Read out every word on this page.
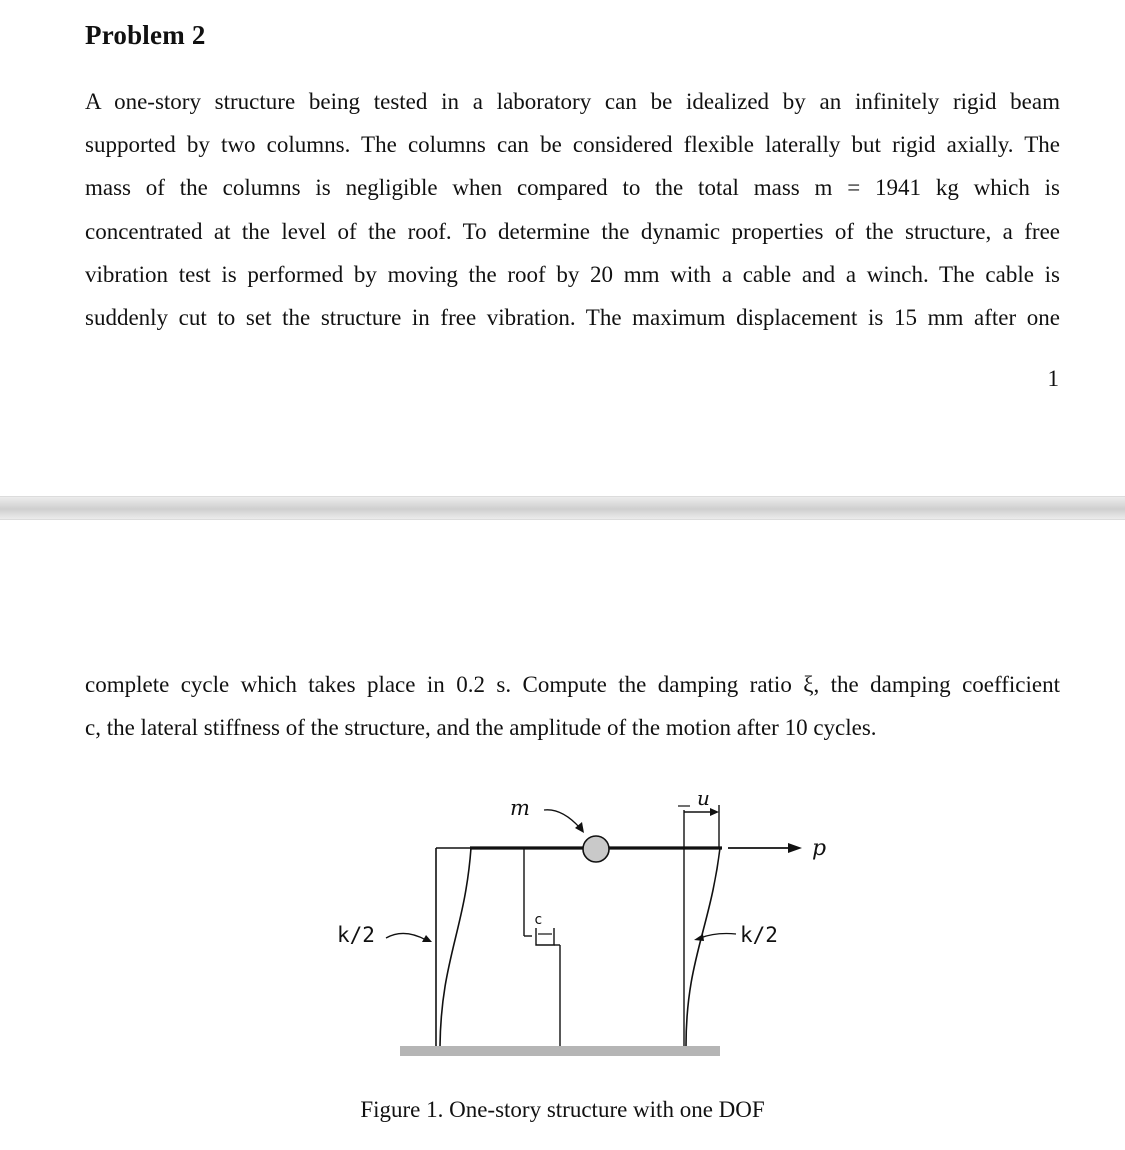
Problem 2

A one-story structure being tested in a laboratory can be idealized by an infinitely rigid beam
supported by two columns. The columns can be considered flexible laterally but rigid axially. The
mass of the columns is negligible when compared to the total mass m = 1941 kg which is
concentrated at the level of the roof. To determine the dynamic properties of the structure, a free
vibration test is performed by moving the roof by 20 mm with a cable and a winch. The cable is
suddenly cut to set the structure in free vibration. The maximum displacement is 15 mm after one

1

complete cycle which takes place in 0.2 s. Compute the damping ratio ξ, the damping coefficient
c, the lateral stiffness of the structure, and the amplitude of the motion after 10 cycles.

u
c
m
p
k/2	k/2

Figure 1. One-story structure with one DOF
